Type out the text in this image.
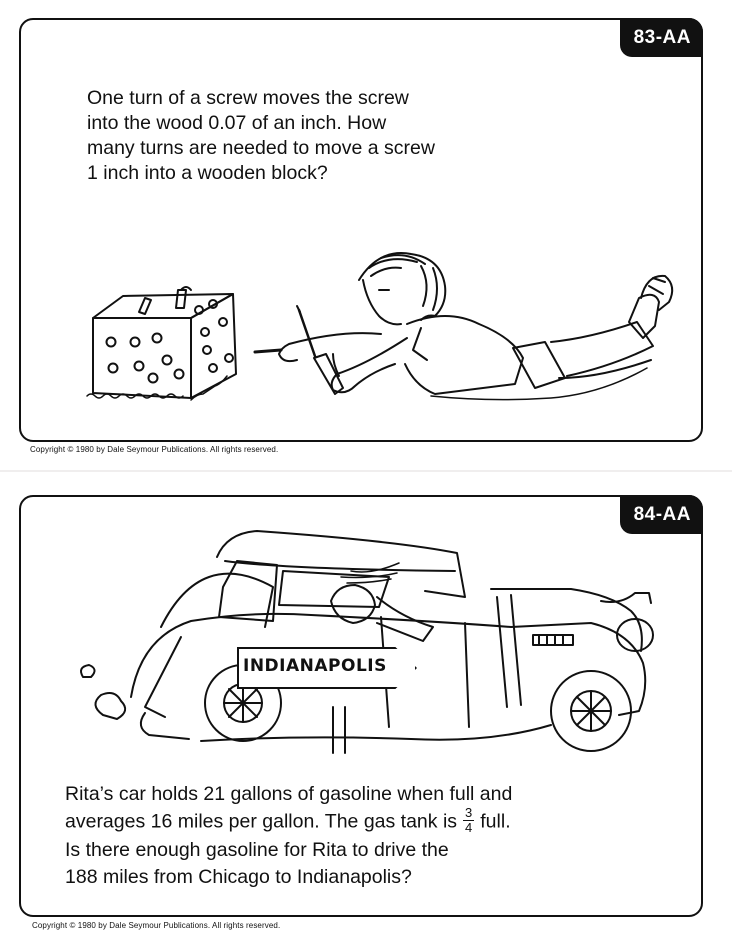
83-AA

One turn of a screw moves the screw
into the wood 0.07 of an inch. How
many turns are needed to move a screw
1 inch into a wooden block?

Copyright © 1980 by Dale Seymour Publications. All rights reserved.
84-AA
INDIANAPOLIS

Rita’s car holds 21 gallons of gasoline when full and
averages 16 miles per gallon. The gas tank is $\frac{3}{4}$ full.
Is there enough gasoline for Rita to drive the
188 miles from Chicago to Indianapolis?

Copyright © 1980 by Dale Seymour Publications. All rights reserved.
